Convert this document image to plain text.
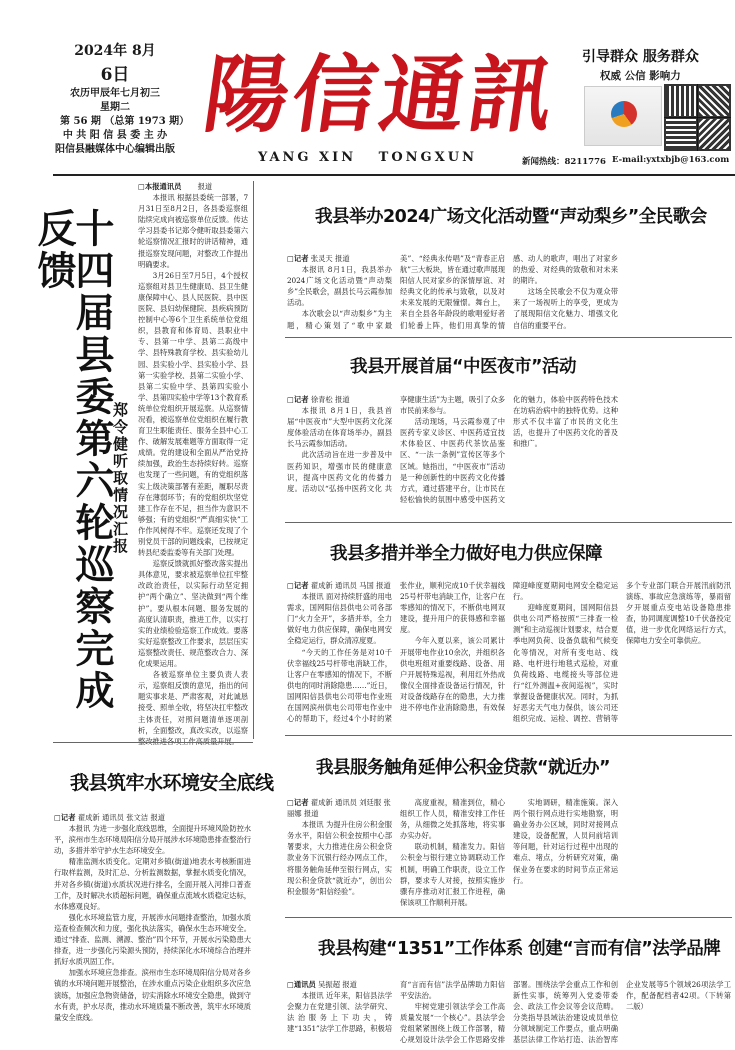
2024年 8月
6日
农历甲辰年七月初三
星期二
第 56 期 （总第 1973 期）
中 共 阳 信 县 委 主 办
阳信县融媒体中心编辑出版
陽信通訊
YANG XIN   TONGXUN
引导群众 服务群众
权威 公信 影响力
新闻热线：8211776 E-mail:yxtxbjb@163.com
十四届县委第六轮巡察完成反馈
郑令健听取情况汇报
□本报通讯员 报道

本报讯 根据县委统一部署，7月31日至8月2日，各县委巡察组陆续完成向被巡察单位反馈。传达学习县委书记郑令健听取县委第六轮巡察情况汇报时的讲话精神，通报巡察发现问题，对整改工作提出明确要求。

3月26日至7月5日，4个授权巡察组对县卫生健康局、县卫生健康保障中心、县人民医院、县中医医院、县妇幼保健院、县疾病预防控制中心等6个卫生系统单位党组织，县教育和体育局、县职业中专、县第一中学、县第二高级中学、县特殊教育学校、县实验幼儿园、县实验小学、县实验小学、县第一实验学校、县第二实验小学、县第二实验中学、县第四实验小学、县第四实验中学等13个教育系统单位党组织开展巡察。从巡察情况看，被巡察单位党组织在履行教育卫生职能责任、服务全县中心工作、破解发展难题等方面取得一定成绩。党的建设和全面从严治党持续加强，政治生态持续好转。巡察也发现了一些问题，有的党组织落实上级决策部署有差距，履职尽责存在薄弱环节；有的党组织坎坚党建工作存在不足，担当作为意识不够强；有的党组织“严真细实快”工作作风树得不牢。巡察还发现了个别党员干部的问题线索，已按规定转县纪委监委等有关部门处理。

巡察反馈就抓好整改落实提出具体意见，要求被巡察单位扛牢整改政治责任，以实际行动坚定拥护“两个确立”、坚决做到“两个维护”。要从根本问题、服务发展的高度认清职责，推进工作，以实打实的业绩检验巡察工作成效。要落实好巡察整改工作要求，层层压实巡察整改责任、规范整改合力、深化成果运用。

各被巡察单位主要负责人表示，巡察组反馈的意见，指出的问题实事求是、严肃客观，对此诚恳接受、照单全收，将坚决扛牢整改主体责任，对照问题清单逐项剖析，全面整改，真改实改，以巡察

我县筑牢水环境安全底线
□记者 翟成新 通讯员 张文洁 报道

本报讯 为进一步强化底线思维，全面提升环境风险防控水平，滨州市生态环境局阳信分局开展涉水环境隐患排查整治行动，多措并举守护水生态环境安全。

精准监测水质变化。定期对乡镇(街道)地表水考核断面进行取样监测，及时汇总、分析监测数据，掌握水质变化情况，并对各乡镇(街道)水质状况进行排名，全面开展入河排口普查工作，及时解决水质超标问题，确保重点流域水质稳定达标，水体感观良好。

强化水环境监管力度，开展涉水问题排查整治，加强水质巡查检查频次和力度，强化执法落实，确保水生态环境安全。通过“排查、监测、溯源、整治”四个环节，开展水污染隐患大排查，进一步强化污染源头预防，持续深化水环境综合治理并抓好水质巩固工作。

加强水环境应急排查。滨州市生态环境局阳信分局对各乡镇的水环境问题开展整治，在涉水重点污染企业组织多次应急演练，加强应急物资储备，切实消除水环境安全隐患，做到守水有责，护水尽责，推动水环境质量不断改善，筑牢水环境质量安全底线。

我县举办2024广场文化活动暨“声动梨乡”全民歌会
□记者 张灵天 报道

本报讯 8月1日，我县举办2024广场文化活动暨“声动梨乡”全民歌会，副县长马云霞参加活动。

本次歌会以“声动梨乡”为主题，精心策划了“歌中家最美”、“经典永传唱”及“青春正启航”三大板块，皆在通过歌声展现阳信人民对家乡的深情厚谊、对经典文化的传承与致敬，以及对未来发展的无限憧憬。舞台上，来自全县各年龄段的歌唱爱好者们轮番上阵，他们用真挚的情感、动人的歌声，唱出了对家乡的热爱、对经典的致敬和对未来的期许。

这场全民歌会不仅为观众带来了一场视听上的享受，更成为了展现阳信文化魅力、增强文化自信的重要平台。

我县开展首届“中医夜市”活动
□记者 徐青松 报道

本报讯 8月1日，我县首届“中医夜市”大型中医药文化深度体验活动在体育场举办，副县长马云霞参加活动。

此次活动旨在进一步普及中医药知识，增强市民的健康意识，提高中医药文化的传播力度。活动以“弘扬中医药文化 共享健康生活”为主题，吸引了众多市民前来参与。

活动现场，马云霞参观了中医药专家义诊区、中医药适宜技术体验区、中医药代茶饮品鉴区、“一法一条例”宣传区等多个区域。她指出，“中医夜市”活动是一种创新性的中医药文化传播方式，通过搭建平台，让市民在轻松愉快的氛围中感受中医药文化的魅力，体验中医药特色技术在坊病治病中的独特优势。这种形式不仅丰富了市民的文化生活，也提升了中医药文化的普及和推广。

我县多措并举全力做好电力供应保障
□记者 翟成新 通讯员 马国 报道

本报讯 面对持续肝盛的用电需求，国网阳信县供电公司各部门“火力全开”，多措并举，全力做好电力供应保障，确保电网安全稳定运行，群众清凉度夏。

“今天的工作任务是对10千伏幸福线25号杆带电消缺工作，让客户在零感知的情况下，不断供电的同时消除隐患……”近日，国网阳信县供电公司带电作业班在国网滨州供电公司带电作业中心的帮助下，经过4个小时的紧张作业，顺利完成10千伏幸福线25号杆带电消缺工作，让客户在零感知的情况下，不断供电网双建设，提升用户的获得感和幸福度。

今年入夏以来，该公司累计开展带电作业10余次，并组织各供电班组对重要线路、设备、用户开展特殊巡视，利用红外热成像仪全面排查设备运行情况，针对设备线路存在的隐患，大力推进不停电作业消除隐患，有效保障迎峰度夏期间电网安全稳定运行。

迎峰度夏期间，国网阳信县供电公司严格按照“三排查一检测”和主动巡视计划要求，结合夏季电网负荷、设备负载和气候变化等情况，对所有变电站、线路、电杆进行地毯式巡检，对重负荷线路、电缆接头等部位进行“红外测温+夜间巡视”，实时掌握设备健康状况。同时，为抓好恶劣天气电力保供，该公司还组织完成、运检、调控、营销等多个专业部门联合开展汛前防汛演练、事故应急演练等，暴雨留夕开展重点变电站设备隐患排查，协同调度调整10千伏备投定值，进一步优化网络运行方式，保障电力安全可靠供应。

我县服务触角延伸公积金贷款“就近办”
□记者 翟成新 通讯员 刘廷服 张丽娜 报道

本报讯 为提升住房公积金服务水平，阳信公积金按照中心部署要求，大力推进住房公积金贷款业务下沉银行经办网点工作，将服务触角延伸至银行网点，实现公积金贷款“就近办”，创出公积金服务“阳信经验”。

高度重视，精准到位，精心组织工作人员，精准安排工作任务，从细微之处抓落地，将实事办实办好。

联动机制，精准发力。阳信公积金与银行建立协调联动工作机制，明确工作职责，设立工作群，要求专人对接，按照实施步骤有序推动对汇报工作进程，确保该项工作顺利开展。

实地调研，精准施策。深入两个银行网点进行实地勘察，明确业务办公区域，同时对接网点建设，设备配置，人员问前培训等问题，针对运行过程中出现的难点、堵点，分析研究对策，确保业务在要求的时间节点正常运行。

我县构建“1351”工作体系 创建“言而有信”法学品牌
□通讯员 吴振超 报道

本报讯 近年来，阳信县法学会聚力在党建引领、法学研究、法治服务上下功夫，铸建“1351”法学工作思路，积极培育“言而有信”法学品牌助力阳信平安法治。

牢树党建引领法学会工作高质量发展“一个核心”。县法学会党组紧紧围绕上级工作部署，精心规划设计法学会工作思路安排部署。围绕法学会重点工作和创新性实事，统筹列入党委带委会、政法工作会议等会议范畴。分类指导县域法治建设成员单位分领域制定工作要点，重点明确基层法律工作站打造、法治智库企业发展等5个领域26项法学工作，配备配档者42项。（下转第二版）
